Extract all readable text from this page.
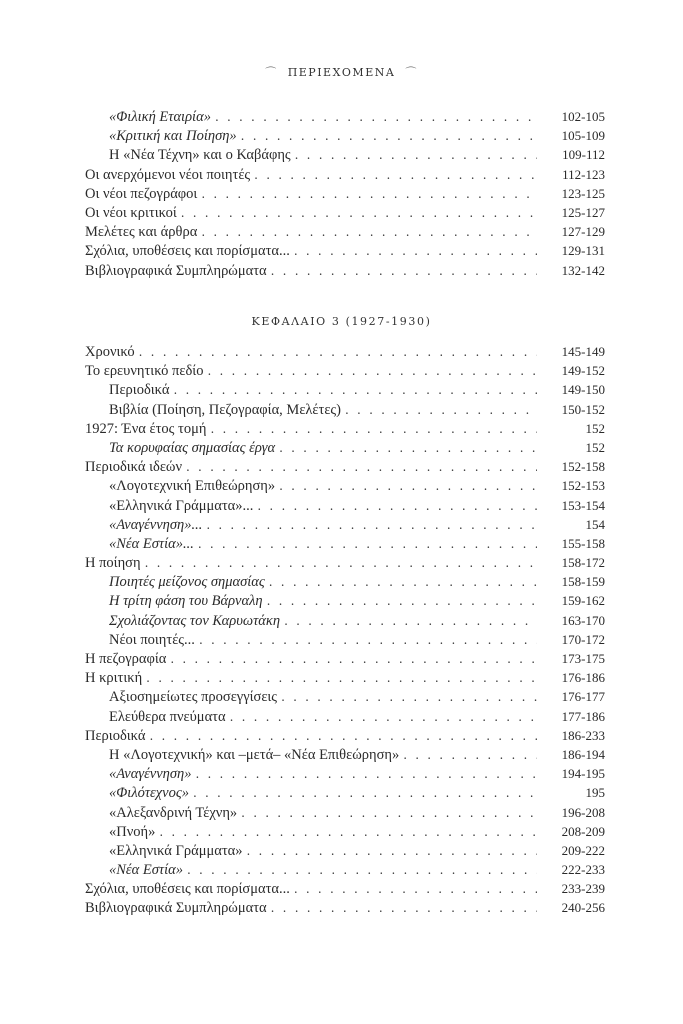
⌒ ΠΕΡΙΕΧΟΜΕΝΑ ⌒
«Φιλική Εταιρία» . . .	102-105
«Κριτική και Ποίηση» . . .	105-109
Η «Νέα Τέχνη» και ο Καβάφης . . .	109-112
Οι ανερχόμενοι νέοι ποιητές . . .	112-123
Οι νέοι πεζογράφοι . . .	123-125
Οι νέοι κριτικοί . . .	125-127
Μελέτες και άρθρα . . .	127-129
Σχόλια, υποθέσεις και πορίσματα... . . .	129-131
Βιβλιογραφικά Συμπληρώματα . . .	132-142
ΚΕΦΑΛΑΙΟ 3 (1927-1930)
Χρονικό . . .	145-149
Το ερευνητικό πεδίο . . .	149-152
Περιοδικά . . .	149-150
Βιβλία (Ποίηση, Πεζογραφία, Μελέτες) . . .	150-152
1927: Ένα έτος τομή . . .	152
Τα κορυφαίας σημασίας έργα . . .	152
Περιοδικά ιδεών . . .	152-158
«Λογοτεχνική Επιθεώρηση» . . .	152-153
«Ελληνικά Γράμματα»... . . .	153-154
«Αναγέννηση»... . . .	154
«Νέα Εστία»... . . .	155-158
Η ποίηση . . .	158-172
Ποιητές μείζονος σημασίας . . .	158-159
Η τρίτη φάση του Βάρναλη . . .	159-162
Σχολιάζοντας τον Καρυωτάκη . . .	163-170
Νέοι ποιητές... . . .	170-172
Η πεζογραφία . . .	173-175
Η κριτική . . .	176-186
Αξιοσημείωτες προσεγγίσεις . . .	176-177
Ελεύθερα πνεύματα . . .	177-186
Περιοδικά . . .	186-233
Η «Λογοτεχνική» και –μετά– «Νέα Επιθεώρηση» . . .	186-194
«Αναγέννηση» . . .	194-195
«Φιλότεχνος» . . .	195
«Αλεξανδρινή Τέχνη» . . .	196-208
«Πνοή» . . .	208-209
«Ελληνικά Γράμματα» . . .	209-222
«Νέα Εστία» . . .	222-233
Σχόλια, υποθέσεις και πορίσματα... . . .	233-239
Βιβλιογραφικά Συμπληρώματα . . .	240-256
